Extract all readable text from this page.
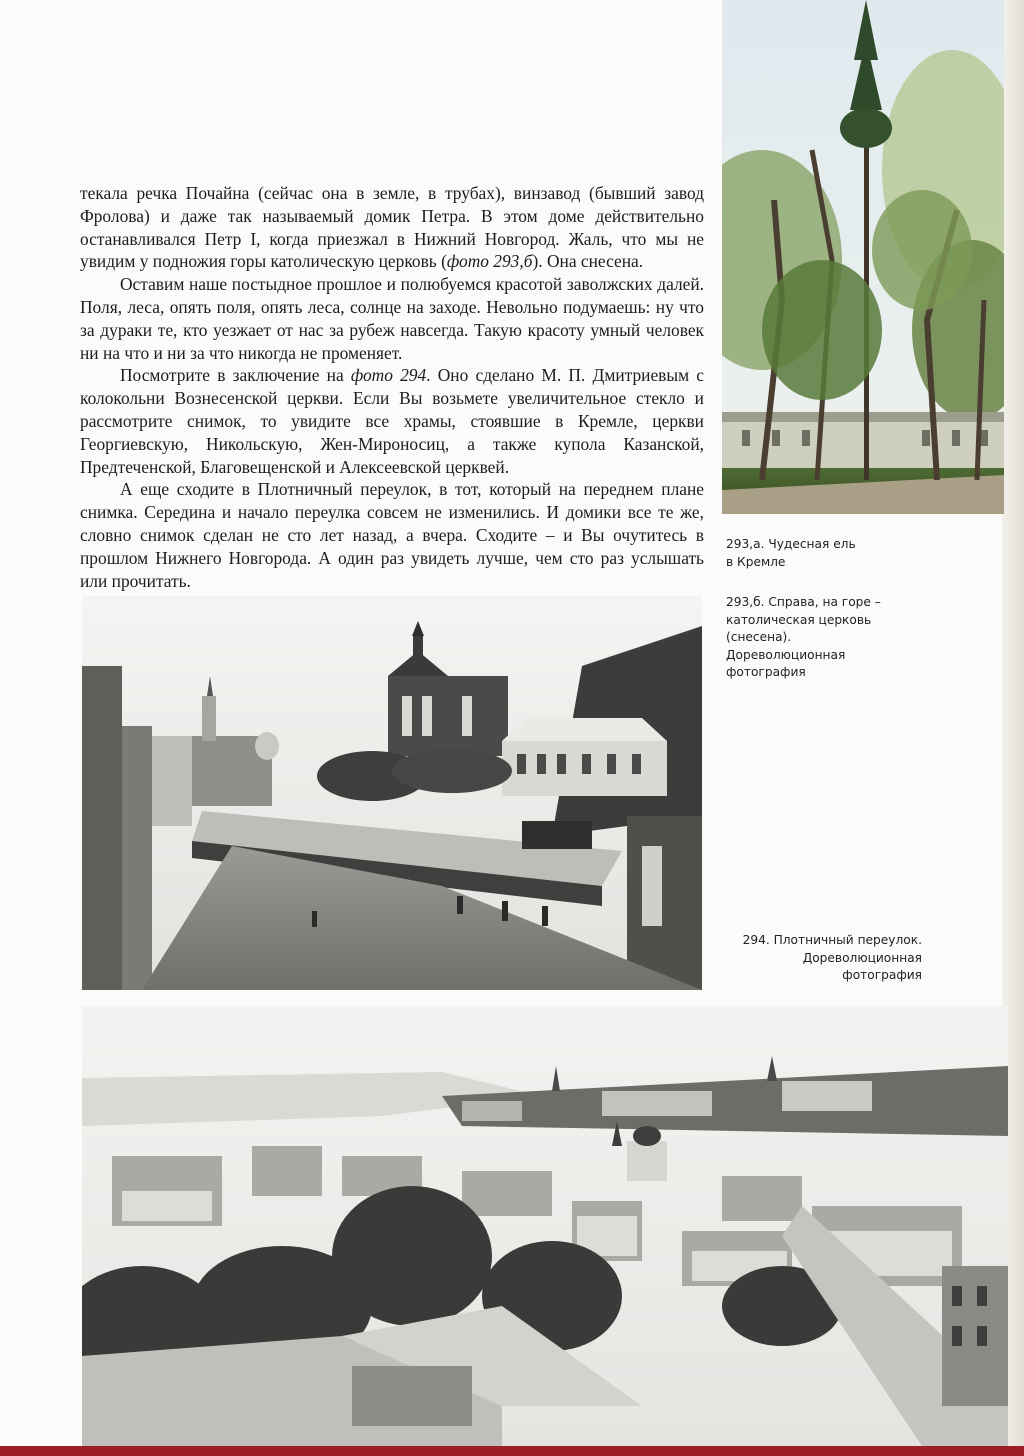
текала речка Почайна (сейчас она в земле, в трубах), винзавод (бывший завод Фролова) и даже так называемый домик Петра. В этом доме действительно останавливался Петр I, когда приезжал в Нижний Новгород. Жаль, что мы не увидим у подножия горы католическую церковь (фото 293,б). Она снесена.

Оставим наше постыдное прошлое и полюбуемся красотой заволжских далей. Поля, леса, опять поля, опять леса, солнце на заходе. Невольно подумаешь: ну что за дураки те, кто уезжает от нас за рубеж навсегда. Такую красоту умный человек ни на что и ни за что никогда не променяет.

Посмотрите в заключение на фото 294. Оно сделано М. П. Дмитриевым с колокольни Вознесенской церкви. Если Вы возьмете увеличительное стекло и рассмотрите снимок, то увидите все храмы, стоявшие в Кремле, церкви Георгиевскую, Никольскую, Жен-Мироносиц, а также купола Казанской, Предтеченской, Благовещенской и Алексеевской церквей.

А еще сходите в Плотничный переулок, в тот, который на переднем плане снимка. Середина и начало переулка совсем не изменились. И домики все те же, словно снимок сделан не сто лет назад, а вчера. Сходите – и Вы очутитесь в прошлом Нижнего Новгорода. А один раз увидеть лучше, чем сто раз услышать или прочитать.

293,а. Чудесная ель
в Кремле
293,б. Справа, на горе –
католическая церковь
(снесена).
Дореволюционная
фотография
294. Плотничный переулок.
Дореволюционная
фотография
